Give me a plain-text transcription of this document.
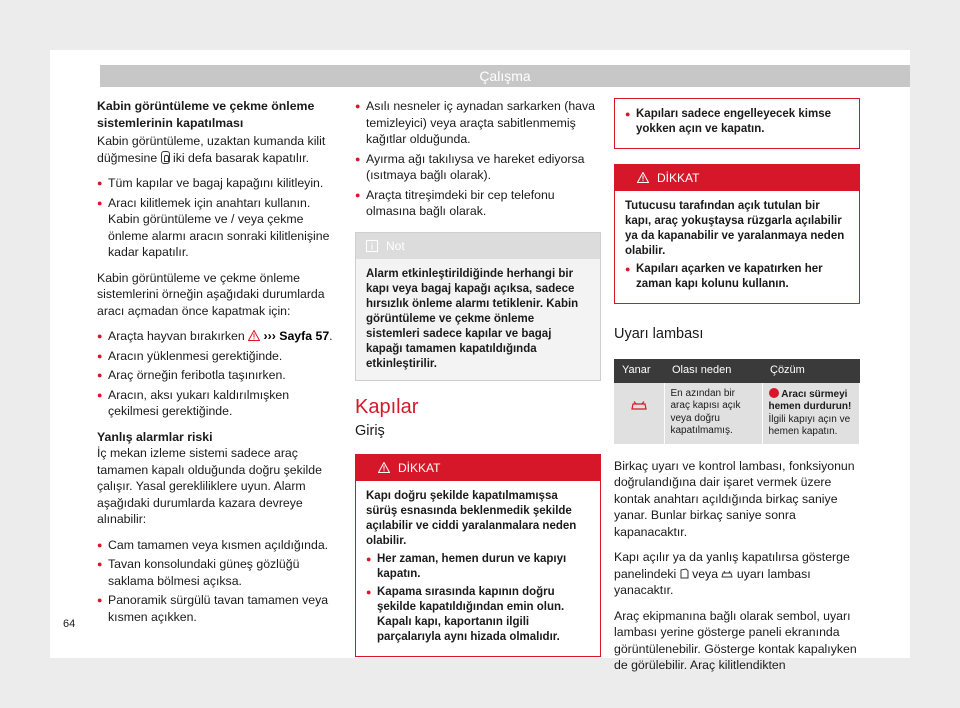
Çalışma

Kabin görüntüleme ve çekme önleme sistemlerinin kapatılması

Kabin görüntüleme, uzaktan kumanda kilit düğmesine iki defa basarak kapatılır.

● Tüm kapılar ve bagaj kapağını kilitleyin.
● Aracı kilitlemek için anahtarı kullanın. Kabin görüntüleme ve / veya çekme önleme alarmı aracın sonraki kilitlenişine kadar kapatılır.

Kabin görüntüleme ve çekme önleme sistemlerini örneğin aşağıdaki durumlarda aracı açmadan önce kapatmak için:

● Araçta hayvan bırakırken ››› Sayfa 57.
● Aracın yüklenmesi gerektiğinde.
● Araç örneğin feribotla taşınırken.
● Aracın, aksı yukarı kaldırılmışken çekilmesi gerektiğinde.

Yanlış alarmlar riski

İç mekan izleme sistemi sadece araç tamamen kapalı olduğunda doğru şekilde çalışır. Yasal gerekliliklere uyun. Alarm aşağıdaki durumlarda kazara devreye alınabilir:

● Cam tamamen veya kısmen açıldığında.
● Tavan konsolundaki güneş gözlüğü saklama bölmesi açıksa.
● Panoramik sürgülü tavan tamamen veya kısmen açıkken.
● Asılı nesneler iç aynadan sarkarken (hava temizleyici) veya araçta sabitlenmemiş kağıtlar olduğunda.
● Ayırma ağı takılıysa ve hareket ediyorsa (ısıtmaya bağlı olarak).
● Araçta titreşimdeki bir cep telefonu olmasına bağlı olarak.
Not
Alarm etkinleştirildiğinde herhangi bir kapı veya bagaj kapağı açıksa, sadece hırsızlık önleme alarmı tetiklenir. Kabin görüntüleme ve çekme önleme sistemleri sadece kapılar ve bagaj kapağı tamamen kapatıldığında etkinleştirilir.
Kapılar
Giriş
DİKKAT
Kapı doğru şekilde kapatılmamışsa sürüş esnasında beklenmedik şekilde açılabilir ve ciddi yaralanmalara neden olabilir.
● Her zaman, hemen durun ve kapıyı kapatın.
● Kapama sırasında kapının doğru şekilde kapatıldığından emin olun. Kapalı kapı, kaportanın ilgili parçalarıyla aynı hizada olmalıdır.
● Kapıları sadece engelleyecek kimse yokken açın ve kapatın.
DİKKAT
Tutucusu tarafından açık tutulan bir kapı, araç yokuştaysa rüzgarla açılabilir ya da kapanabilir ve yaralanmaya neden olabilir.
● Kapıları açarken ve kapatırken her zaman kapı kolunu kullanın.
Uyarı lambası
Yanar	Olası neden	Çözüm
	En azından bir araç kapısı açık veya doğru kapatılmamış.	Aracı sürmeyi hemen durdurun!
İlgili kapıyı açın ve hemen kapatın.

Birkaç uyarı ve kontrol lambası, fonksiyonun doğrulandığına dair işaret vermek üzere kontak anahtarı açıldığında birkaç saniye yanar. Bunlar birkaç saniye sonra kapanacaktır.

Kapı açılır ya da yanlış kapatılırsa gösterge panelindeki veya uyarı lambası yanacaktır.

Araç ekipmanına bağlı olarak sembol, uyarı lambası yerine gösterge paneli ekranında görüntülenebilir. Gösterge kontak kapalıyken de görülebilir. Araç kilitlendikten

64
